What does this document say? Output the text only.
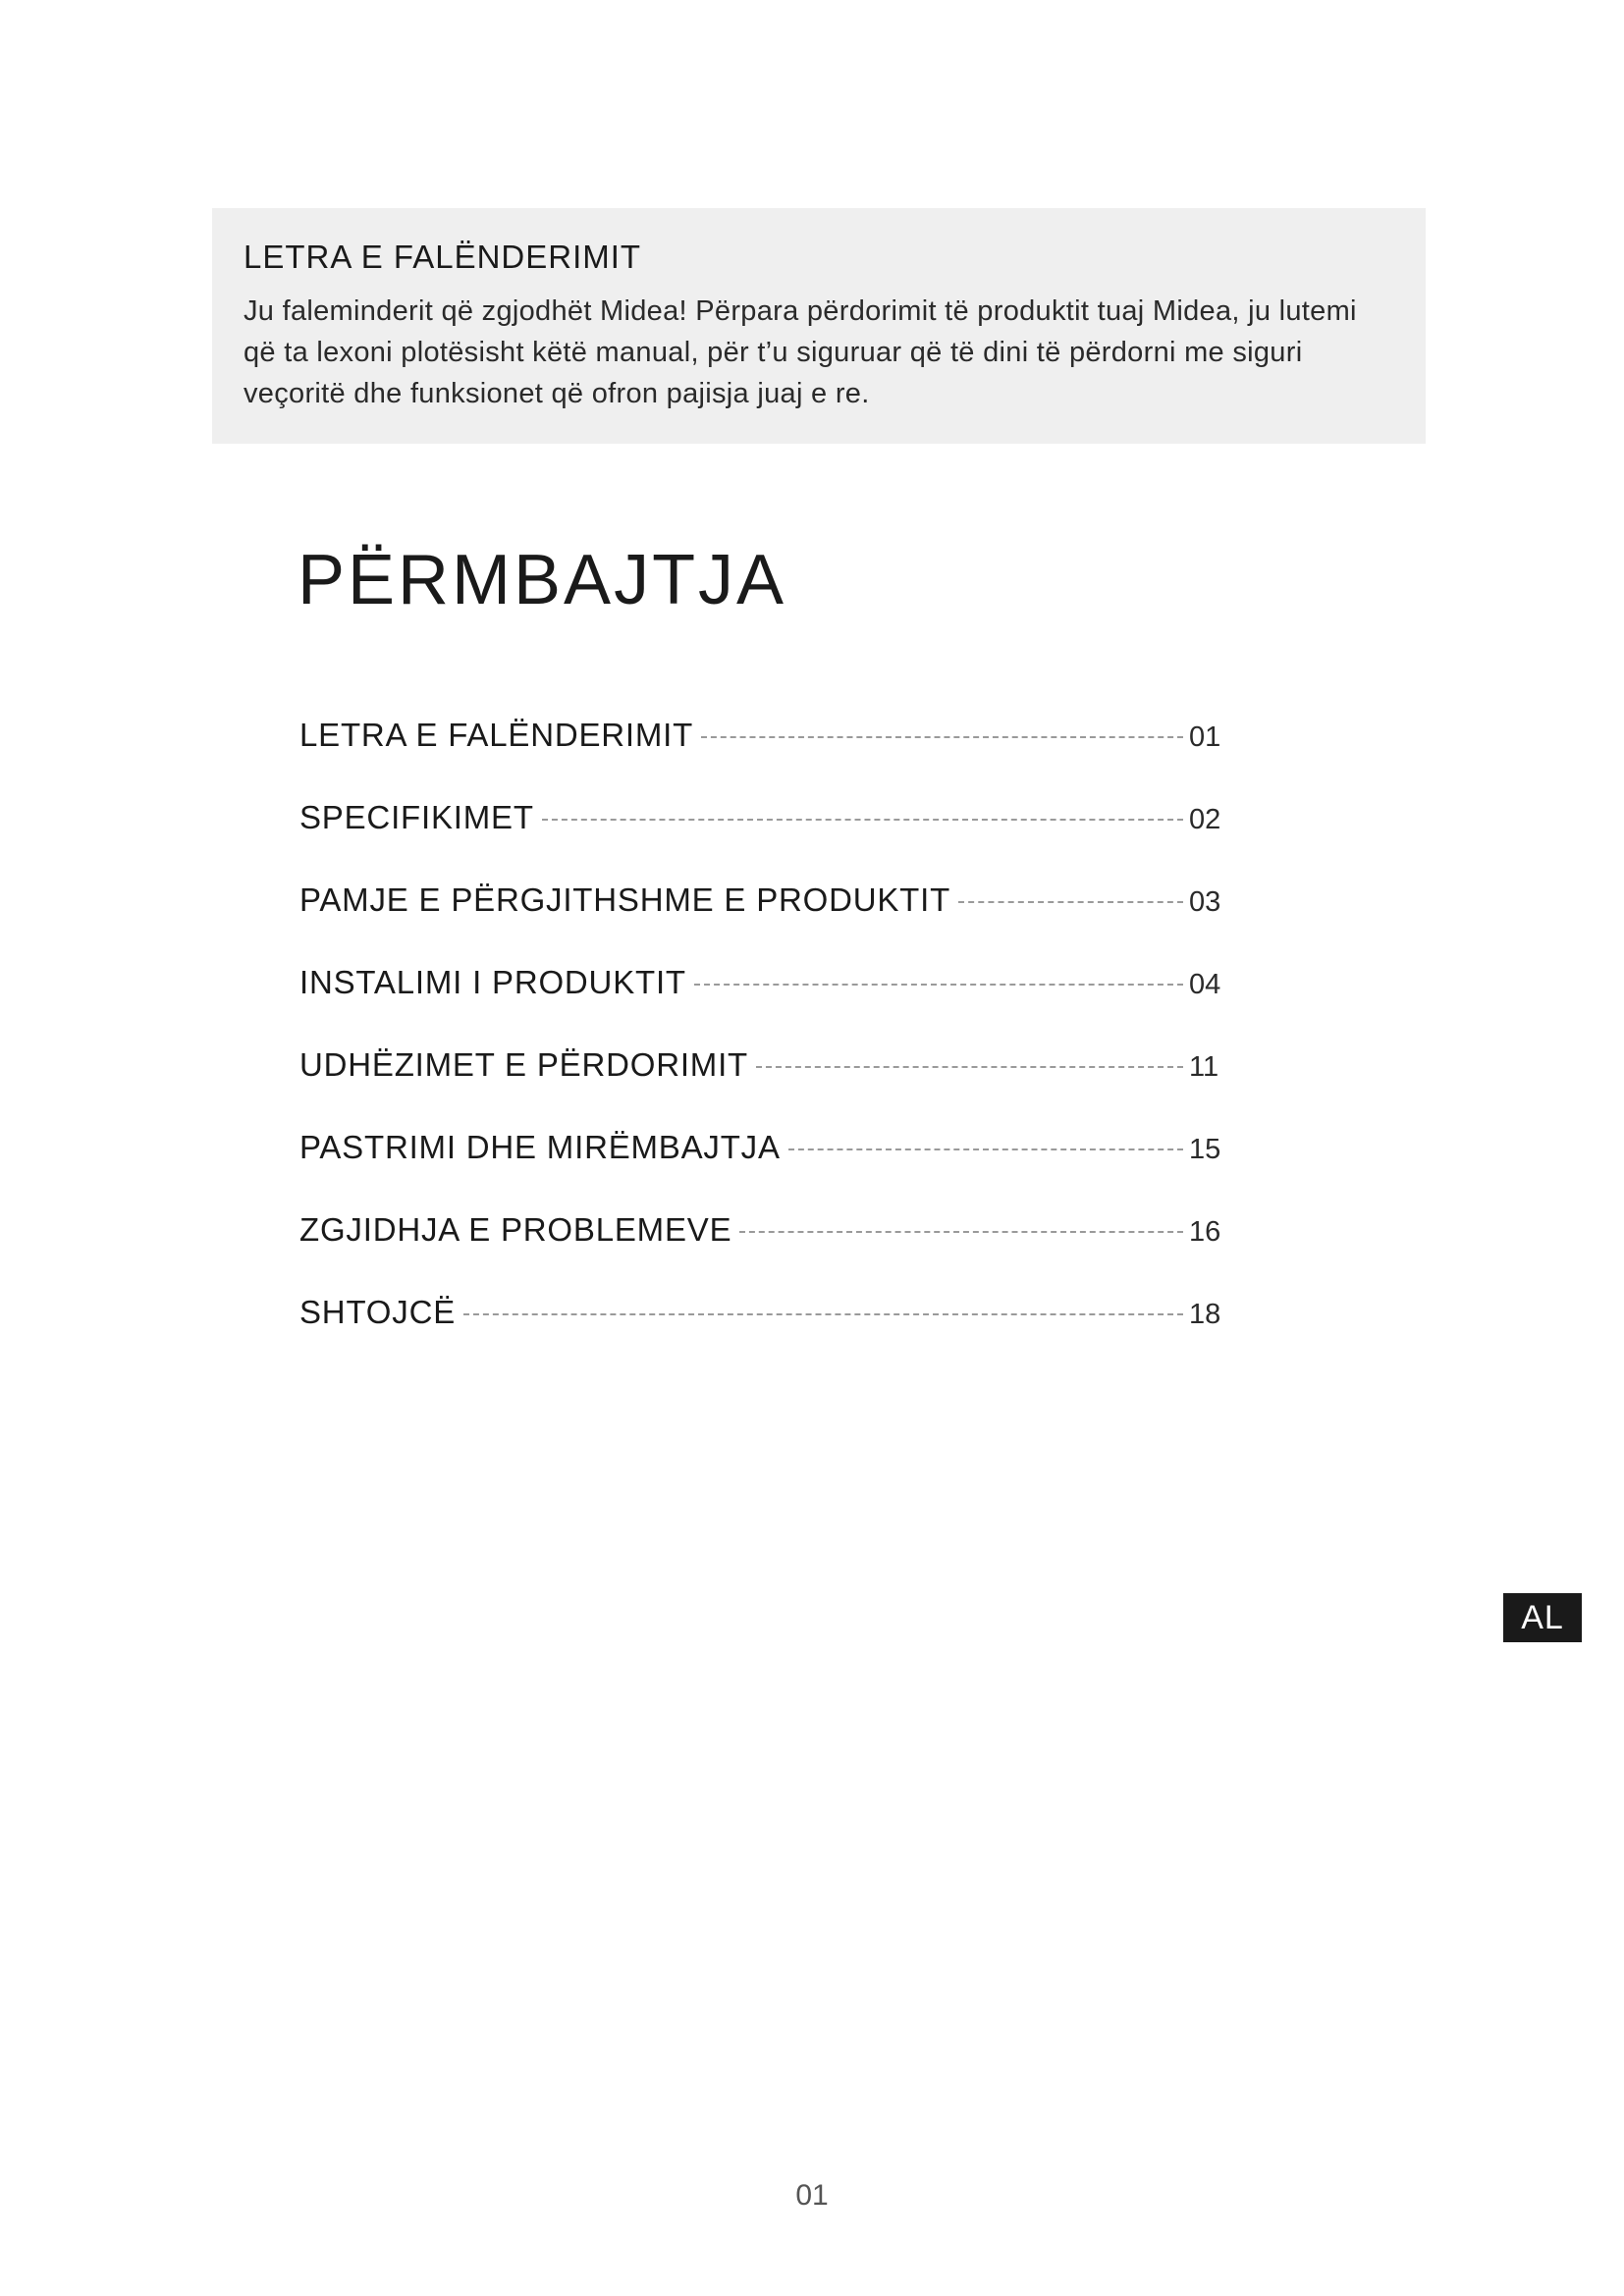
LETRA E FALËNDERIMIT

Ju faleminderit që zgjodhët Midea! Përpara përdorimit të produktit tuaj Midea, ju lutemi që ta lexoni plotësisht këtë manual, për t’u siguruar që të dini të përdorni me siguri veçoritë dhe funksionet që ofron pajisja juaj e re.

PËRMBAJTJA
LETRA E FALËNDERIMIT	01
SPECIFIKIMET	02
PAMJE E PËRGJITHSHME E PRODUKTIT	03
INSTALIMI I PRODUKTIT	04
UDHËZIMET E PËRDORIMIT	11
PASTRIMI DHE MIRËMBAJTJA	15
ZGJIDHJA E PROBLEMEVE	16
SHTOJCË	18
AL
01
